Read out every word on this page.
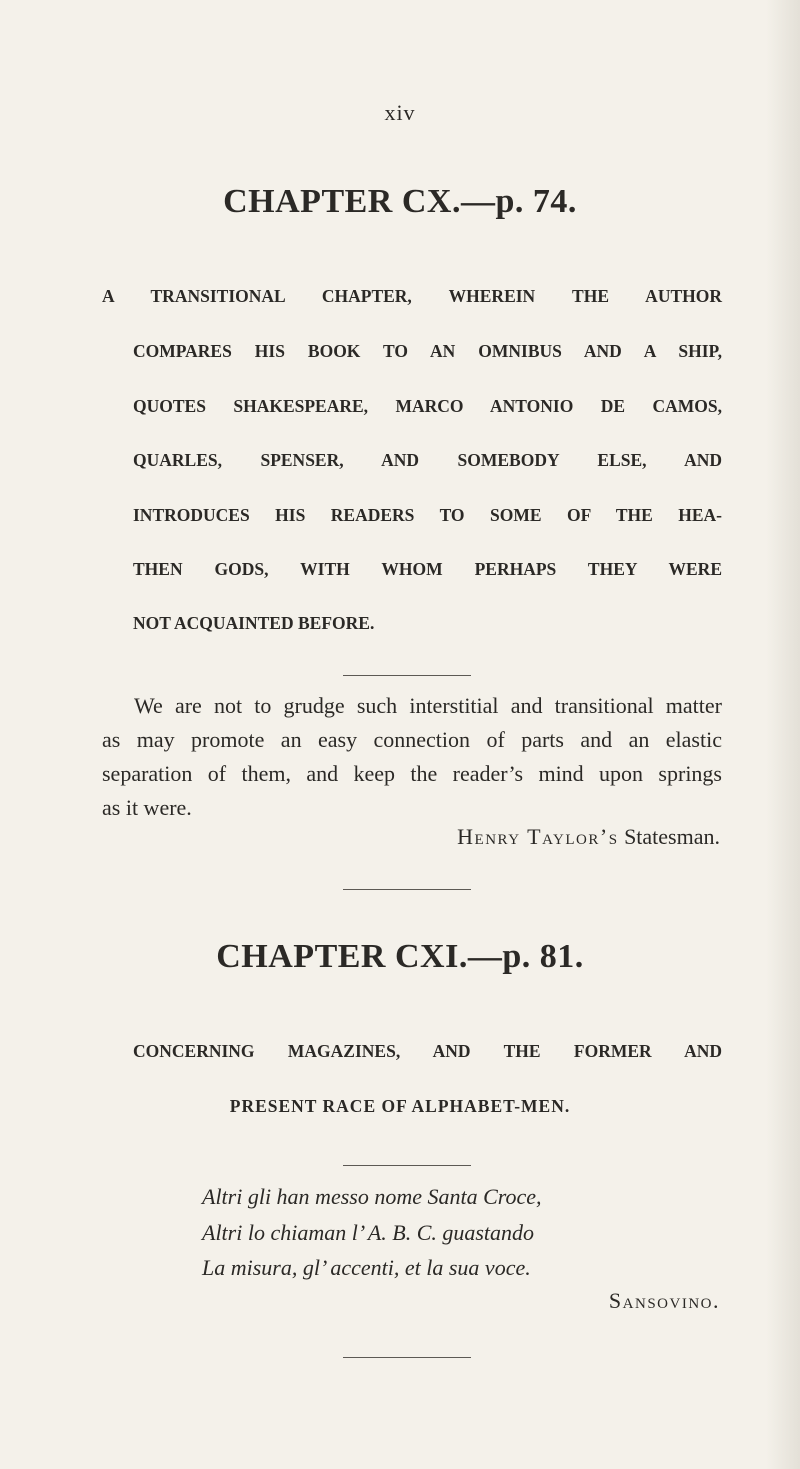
xiv

CHAPTER CX.—p. 74.

A TRANSITIONAL CHAPTER, WHEREIN THE AUTHOR

COMPARES HIS BOOK TO AN OMNIBUS AND A SHIP,

QUOTES SHAKESPEARE, MARCO ANTONIO DE CAMOS,

QUARLES, SPENSER, AND SOMEBODY ELSE, AND

INTRODUCES HIS READERS TO SOME OF THE HEA-

THEN GODS, WITH WHOM PERHAPS THEY WERE

NOT ACQUAINTED BEFORE.

We are not to grudge such interstitial and transitional matter

as may promote an easy connection of parts and an elastic

separation of them, and keep the reader’s mind upon springs

as it were.

Henry Taylor’s Statesman.

CHAPTER CXI.—p. 81.

CONCERNING MAGAZINES, AND THE FORMER AND

PRESENT RACE OF ALPHABET-MEN.

Altri gli han messo nome Santa Croce,

Altri lo chiaman l’ A. B. C. guastando

La misura, gl’ accenti, et la sua voce.

Sansovino.
